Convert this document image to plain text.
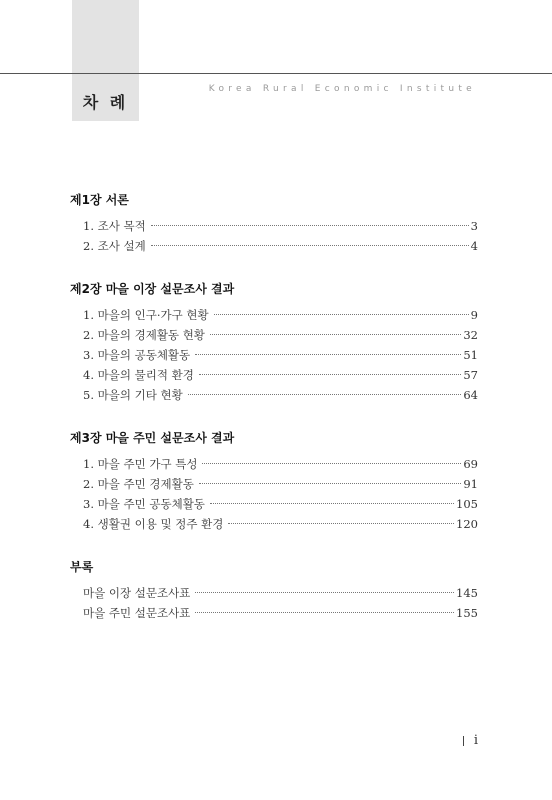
차 례
Korea Rural Economic Institute
제1장 서론
1. 조사 목적	3
2. 조사 설계	4
제2장 마을 이장 설문조사 결과
1. 마을의 인구·가구 현황	9
2. 마을의 경제활동 현황	32
3. 마을의 공동체활동	51
4. 마을의 물리적 환경	57
5. 마을의 기타 현황	64
제3장 마을 주민 설문조사 결과
1. 마을 주민 가구 특성	69
2. 마을 주민 경제활동	91
3. 마을 주민 공동체활동	105
4. 생활권 이용 및 정주 환경	120
부록
마을 이장 설문조사표	145
마을 주민 설문조사표	155
i
